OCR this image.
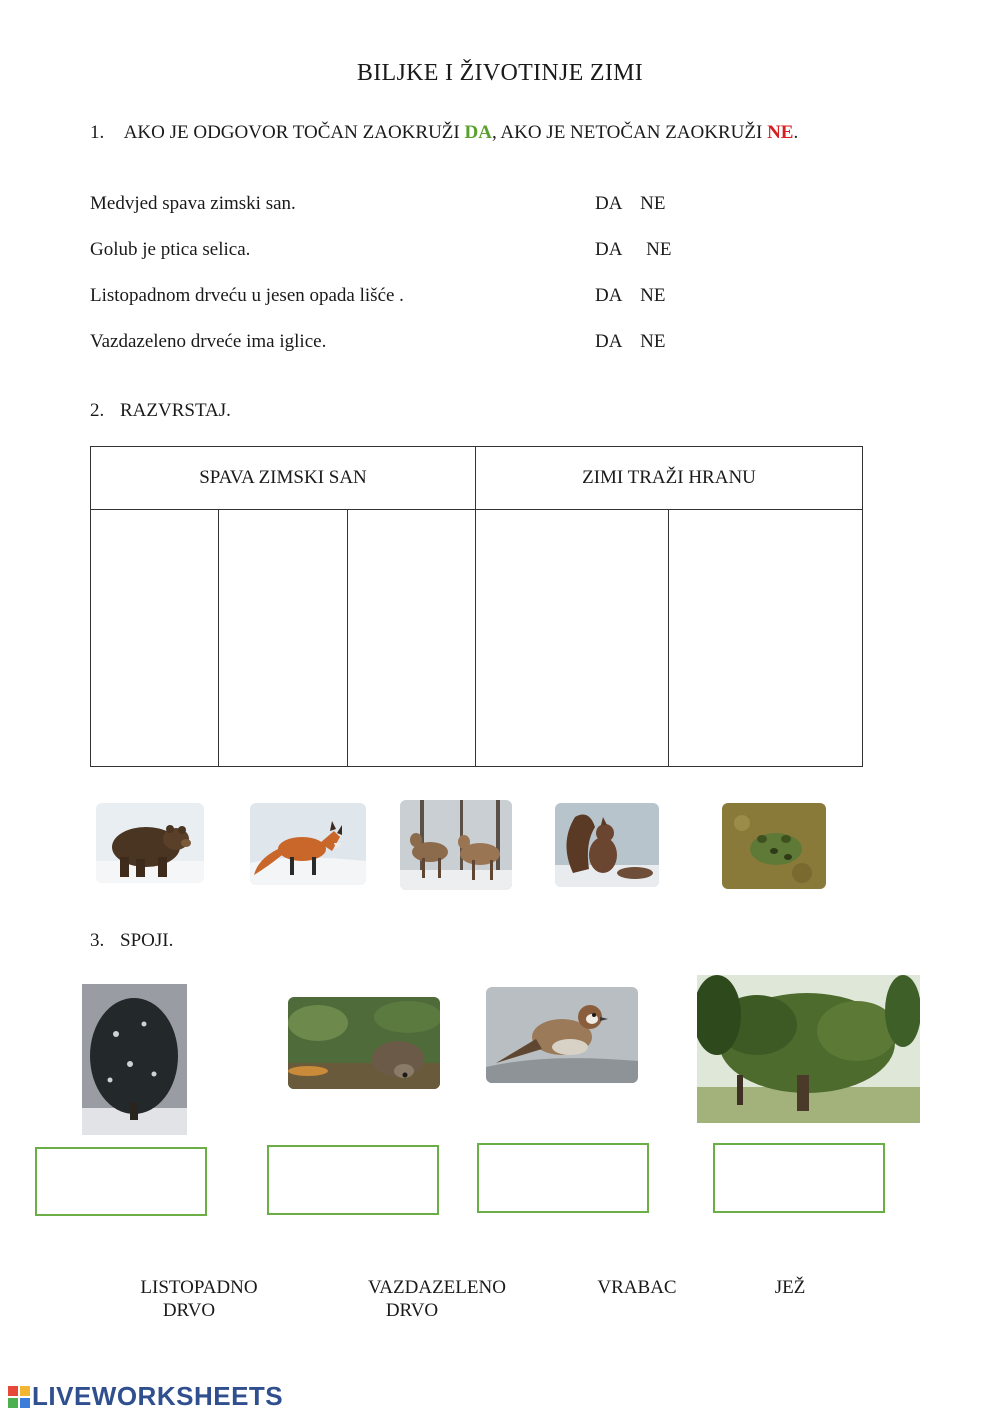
BILJKE I ŽIVOTINJE ZIMI
1. AKO JE ODGOVOR TOČAN ZAOKRUŽI DA, AKO JE NETOČAN ZAOKRUŽI NE.
Medvjed spava zimski san.	DA NE
Golub je ptica selica.	DA NE
Listopadnom drveću u jesen opada lišće .	DA NE
Vazdazeleno drveće ima iglice.	DA NE
2. RAZVRSTAJ.
SPAVA ZIMSKI SAN			ZIMI TRAŽI HRANU	

3. SPOJI.
LISTOPADNO
DRVO
VAZDAZELENO
DRVO
VRABAC	JEŽ
LIVEWORKSHEETS
